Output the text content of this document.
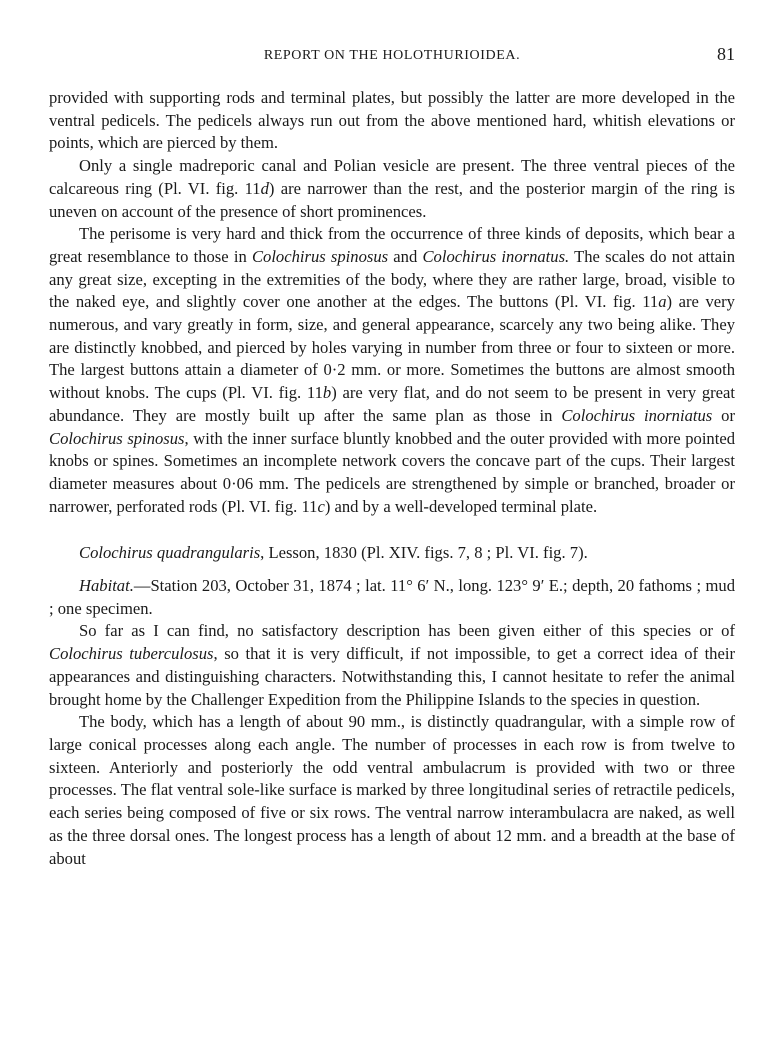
REPORT ON THE HOLOTHURIOIDEA.	81

provided with supporting rods and terminal plates, but possibly the latter are more developed in the ventral pedicels. The pedicels always run out from the above mentioned hard, whitish elevations or points, which are pierced by them.

Only a single madreporic canal and Polian vesicle are present. The three ventral pieces of the calcareous ring (Pl. VI. fig. 11d) are narrower than the rest, and the posterior margin of the ring is uneven on account of the presence of short prominences.

The perisome is very hard and thick from the occurrence of three kinds of deposits, which bear a great resemblance to those in Colochirus spinosus and Colochirus inornatus. The scales do not attain any great size, excepting in the extremities of the body, where they are rather large, broad, visible to the naked eye, and slightly cover one another at the edges. The buttons (Pl. VI. fig. 11a) are very numerous, and vary greatly in form, size, and general appearance, scarcely any two being alike. They are distinctly knobbed, and pierced by holes varying in number from three or four to sixteen or more. The largest buttons attain a diameter of 0·2 mm. or more. Sometimes the buttons are almost smooth without knobs. The cups (Pl. VI. fig. 11b) are very flat, and do not seem to be present in very great abundance. They are mostly built up after the same plan as those in Colochirus inorniatus or Colochirus spinosus, with the inner surface bluntly knobbed and the outer provided with more pointed knobs or spines. Sometimes an incomplete network covers the concave part of the cups. Their largest diameter measures about 0·06 mm. The pedicels are strengthened by simple or branched, broader or narrower, perforated rods (Pl. VI. fig. 11c) and by a well-developed terminal plate.

Colochirus quadrangularis, Lesson, 1830 (Pl. XIV. figs. 7, 8 ; Pl. VI. fig. 7).

Habitat.—Station 203, October 31, 1874 ; lat. 11° 6′ N., long. 123° 9′ E.; depth, 20 fathoms ; mud ; one specimen.

So far as I can find, no satisfactory description has been given either of this species or of Colochirus tuberculosus, so that it is very difficult, if not impossible, to get a correct idea of their appearances and distinguishing characters. Notwithstanding this, I cannot hesitate to refer the animal brought home by the Challenger Expedition from the Philippine Islands to the species in question.

The body, which has a length of about 90 mm., is distinctly quadrangular, with a simple row of large conical processes along each angle. The number of processes in each row is from twelve to sixteen. Anteriorly and posteriorly the odd ventral ambulacrum is provided with two or three processes. The flat ventral sole-like surface is marked by three longitudinal series of retractile pedicels, each series being composed of five or six rows. The ventral narrow interambulacra are naked, as well as the three dorsal ones. The longest process has a length of about 12 mm. and a breadth at the base of about
